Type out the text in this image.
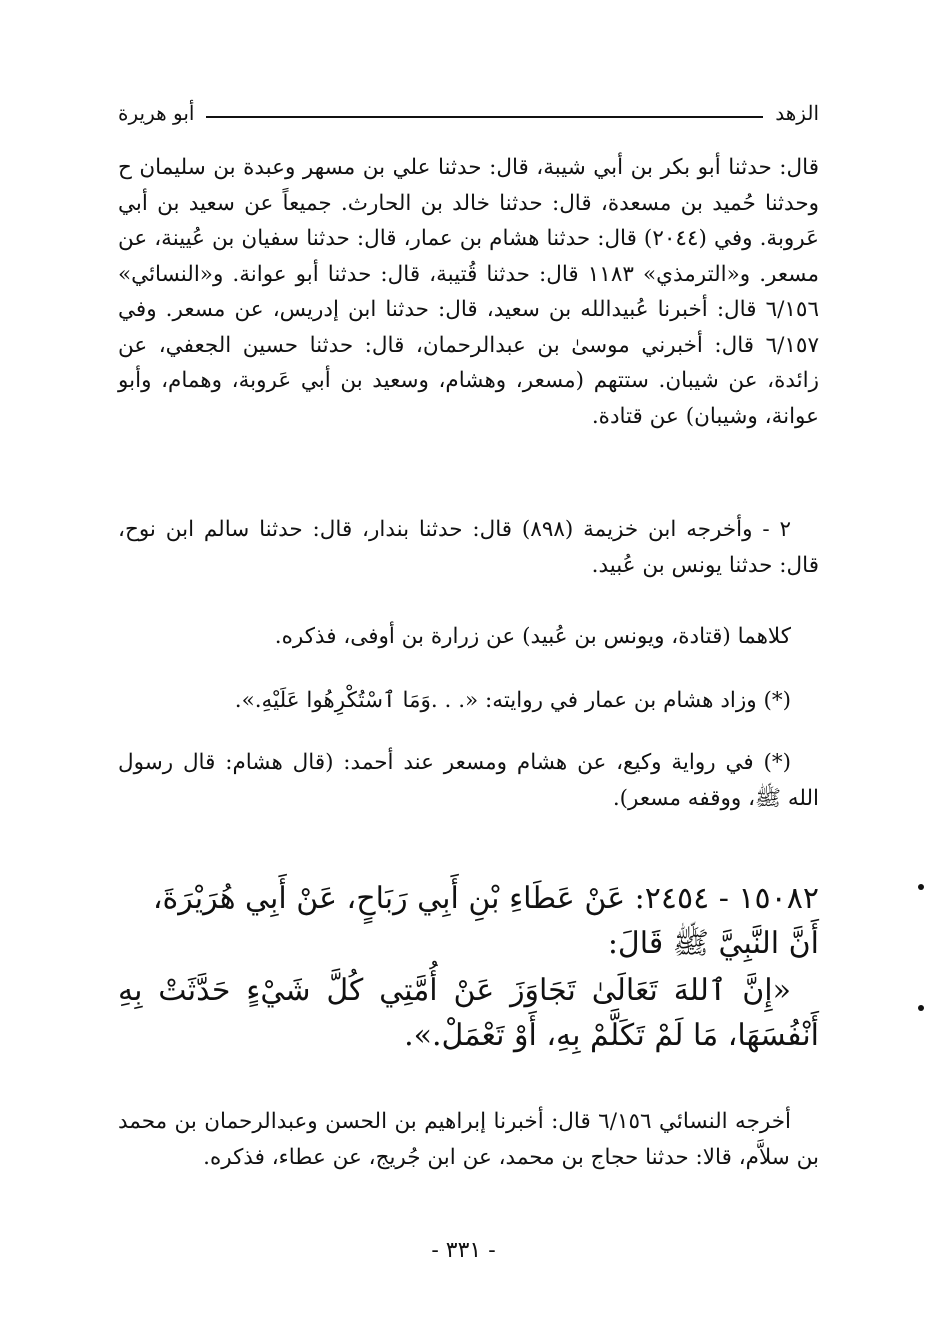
الزهد
أبو هريرة

قال: حدثنا أبو بكر بن أبي شيبة، قال: حدثنا علي بن مسهر وعبدة بن سليمان ح وحدثنا حُميد بن مسعدة، قال: حدثنا خالد بن الحارث. جميعاً عن سعيد بن أبي عَروبة. وفي (٢٠٤٤) قال: حدثنا هشام بن عمار، قال: حدثنا سفيان بن عُيينة، عن مسعر. و«الترمذي» ١١٨٣ قال: حدثنا قُتيبة، قال: حدثنا أبو عوانة. و«النسائي» ٦/١٥٦ قال: أخبرنا عُبيدالله بن سعيد، قال: حدثنا ابن إدريس، عن مسعر. وفي ٦/١٥٧ قال: أخبرني موسىٰ بن عبدالرحمان، قال: حدثنا حسين الجعفي، عن زائدة، عن شيبان. ستتهم (مسعر، وهشام، وسعيد بن أبي عَروبة، وهمام، وأبو عوانة، وشيبان) عن قتادة.

٢ - وأخرجه ابن خزيمة (٨٩٨) قال: حدثنا بندار، قال: حدثنا سالم ابن نوح، قال: حدثنا يونس بن عُبيد.

كلاهما (قتادة، ويونس بن عُبيد) عن زرارة بن أوفى، فذكره.

(*) وزاد هشام بن عمار في روايته: «. . .وَمَا ٱسْتُكْرِهُوا عَلَيْهِ.».

(*) في رواية وكيع، عن هشام ومسعر عند أحمد: (قال هشام: قال رسول الله ﷺ، ووقفه مسعر).

١٥٠٨٢ - ٢٤٥٤: عَنْ عَطَاءِ بْنِ أَبِي رَبَاحٍ، عَنْ أَبِي هُرَيْرَةَ،

أَنَّ النَّبِيَّ ﷺ قَالَ:

«إِنَّ ٱللهَ تَعَالَىٰ تَجَاوَزَ عَنْ أُمَّتِي كُلَّ شَيْءٍ حَدَّثَتْ بِهِ أَنْفُسَهَا، مَا لَمْ تَكَلَّمْ بِهِ، أَوْ تَعْمَلْ.».

أخرجه النسائي ٦/١٥٦ قال: أخبرنا إبراهيم بن الحسن وعبدالرحمان بن محمد بن سلاَّم، قالا: حدثنا حجاج بن محمد، عن ابن جُريج، عن عطاء، فذكره.

- ٣٣١ -
